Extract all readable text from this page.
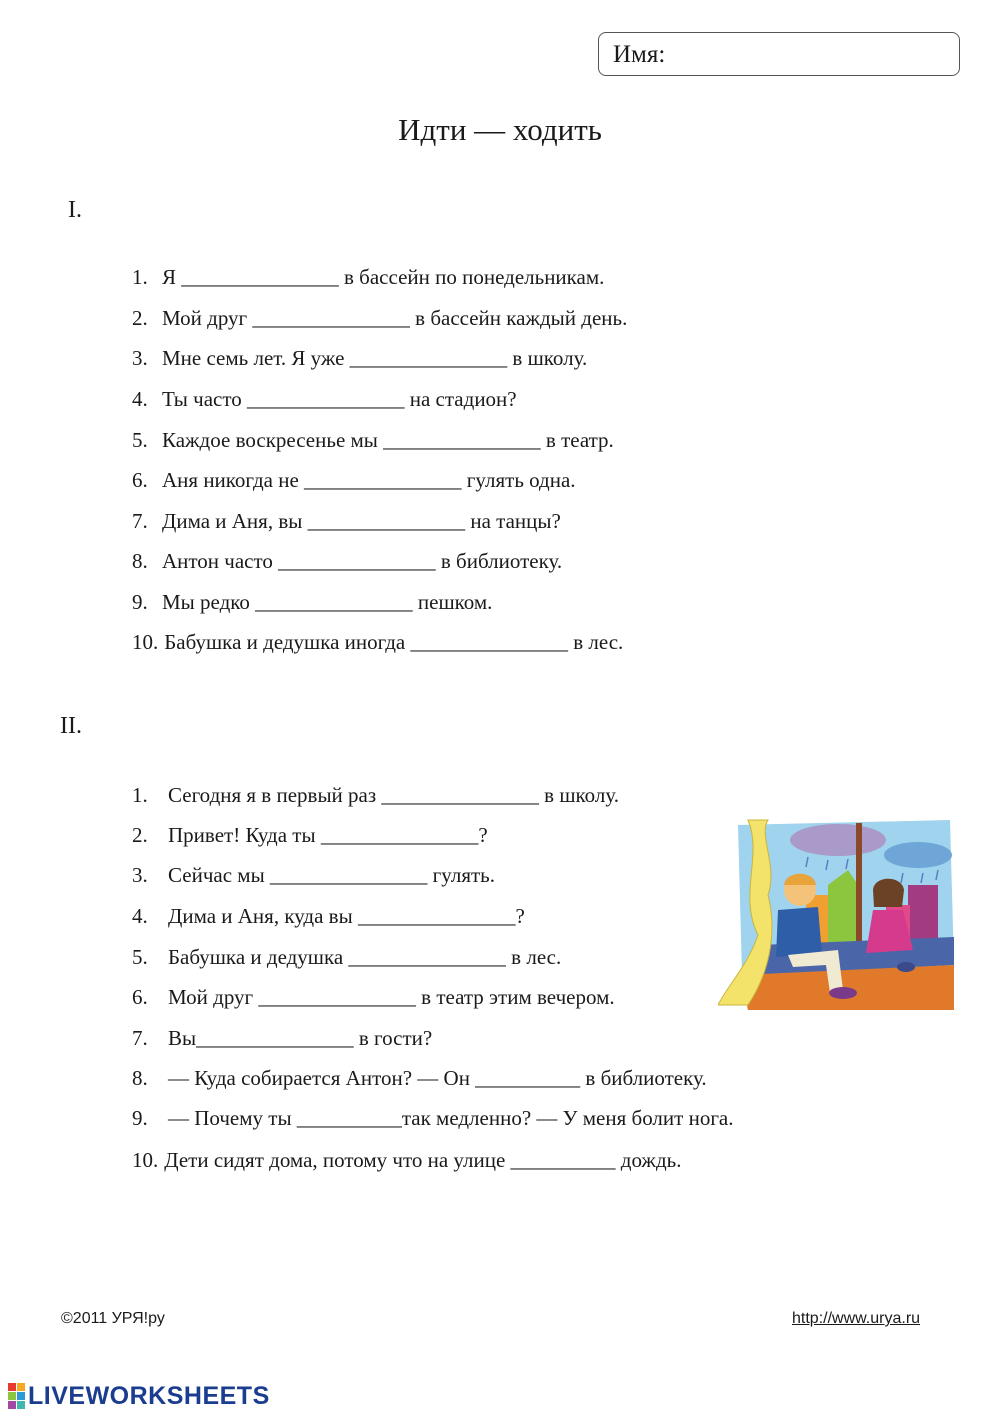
Имя:
Идти — ходить
I.
1. Я _______________ в бассейн по понедельникам.
2. Мой друг _______________ в бассейн каждый день.
3. Мне семь лет. Я уже _______________ в школу.
4. Ты часто _______________ на стадион?
5. Каждое воскресенье мы _______________ в театр.
6. Аня никогда не _______________ гулять одна.
7. Дима и Аня, вы _______________ на танцы?
8. Антон часто _______________ в библиотеку.
9. Мы редко _______________ пешком.
10. Бабушка и дедушка иногда _______________ в лес.
II.
1. Сегодня я в первый раз _______________ в школу.
2. Привет! Куда ты _______________?
3. Сейчас мы _______________ гулять.
4. Дима и Аня, куда вы _______________?
5. Бабушка и дедушка _______________ в лес.
6. Мой друг _______________ в театр этим вечером.
7. Вы_______________ в гости?
8. — Куда собирается Антон? — Он __________ в библиотеку.
9. — Почему ты __________так медленно? — У меня болит нога.
10. Дети сидят дома, потому что на улице __________ дождь.
©2011 УРЯ!ру	http://www.urya.ru
LIVEWORKSHEETS
